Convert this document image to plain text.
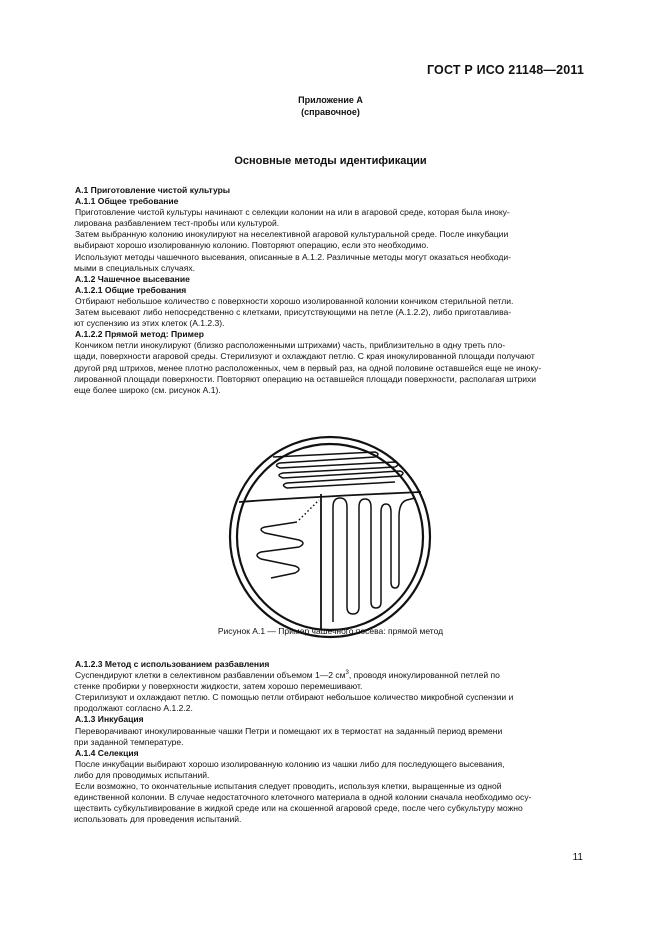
ГОСТ Р ИСО 21148—2011
Приложение А
(справочное)
Основные методы идентификации

А.1 Приготовление чистой культуры

А.1.1 Общее требование

Приготовление чистой культуры начинают с селекции колонии на или в агаровой среде, которая была иноку-

лирована разбавлением тест-пробы или культурой.

Затем выбранную колонию инокулируют на неселективной агаровой культуральной среде. После инкубации

выбирают хорошо изолированную колонию. Повторяют операцию, если это необходимо.

Используют методы чашечного высевания, описанные в А.1.2. Различные методы могут оказаться необходи-

мыми в специальных случаях.

А.1.2 Чашечное высевание

А.1.2.1 Общие требования

Отбирают небольшое количество с поверхности хорошо изолированной колонии кончиком стерильной петли.

Затем высевают либо непосредственно с клетками, присутствующими на петле (А.1.2.2), либо приготавлива-

ют суспензию из этих клеток (А.1.2.3).

А.1.2.2 Прямой метод: Пример

Кончиком петли инокулируют (близко расположенными штрихами) часть, приблизительно в одну треть пло-

щади, поверхности агаровой среды. Стерилизуют и охлаждают петлю. С края инокулированной площади получают

другой ряд штрихов, менее плотно расположенных, чем в первый раз, на одной половине оставшейся еще не иноку-

лированной площади поверхности. Повторяют операцию на оставшейся площади поверхности, располагая штрихи

еще более широко (см. рисунок А.1).

Рисунок А.1 — Пример чашечного посева: прямой метод

А.1.2.3 Метод с использованием разбавления

Суспендируют клетки в селективном разбавлении объемом 1—2 $см^3$, проводя инокулированной петлей по

стенке пробирки у поверхности жидкости, затем хорошо перемешивают.

Стерилизуют и охлаждают петлю. С помощью петли отбирают небольшое количество микробной суспензии и

продолжают согласно А.1.2.2.

А.1.3 Инкубация

Переворачивают инокулированные чашки Петри и помещают их в термостат на заданный период времени

при заданной температуре.

А.1.4 Селекция

После инкубации выбирают хорошо изолированную колонию из чашки либо для последующего высевания,

либо для проводимых испытаний.

Если возможно, то окончательные испытания следует проводить, используя клетки, выращенные из одной

единственной колонии. В случае недостаточного клеточного материала в одной колонии сначала необходимо осу-

ществить субкультивирование в жидкой среде или на скошенной агаровой среде, после чего субкультуру можно

использовать для проведения испытаний.

11
